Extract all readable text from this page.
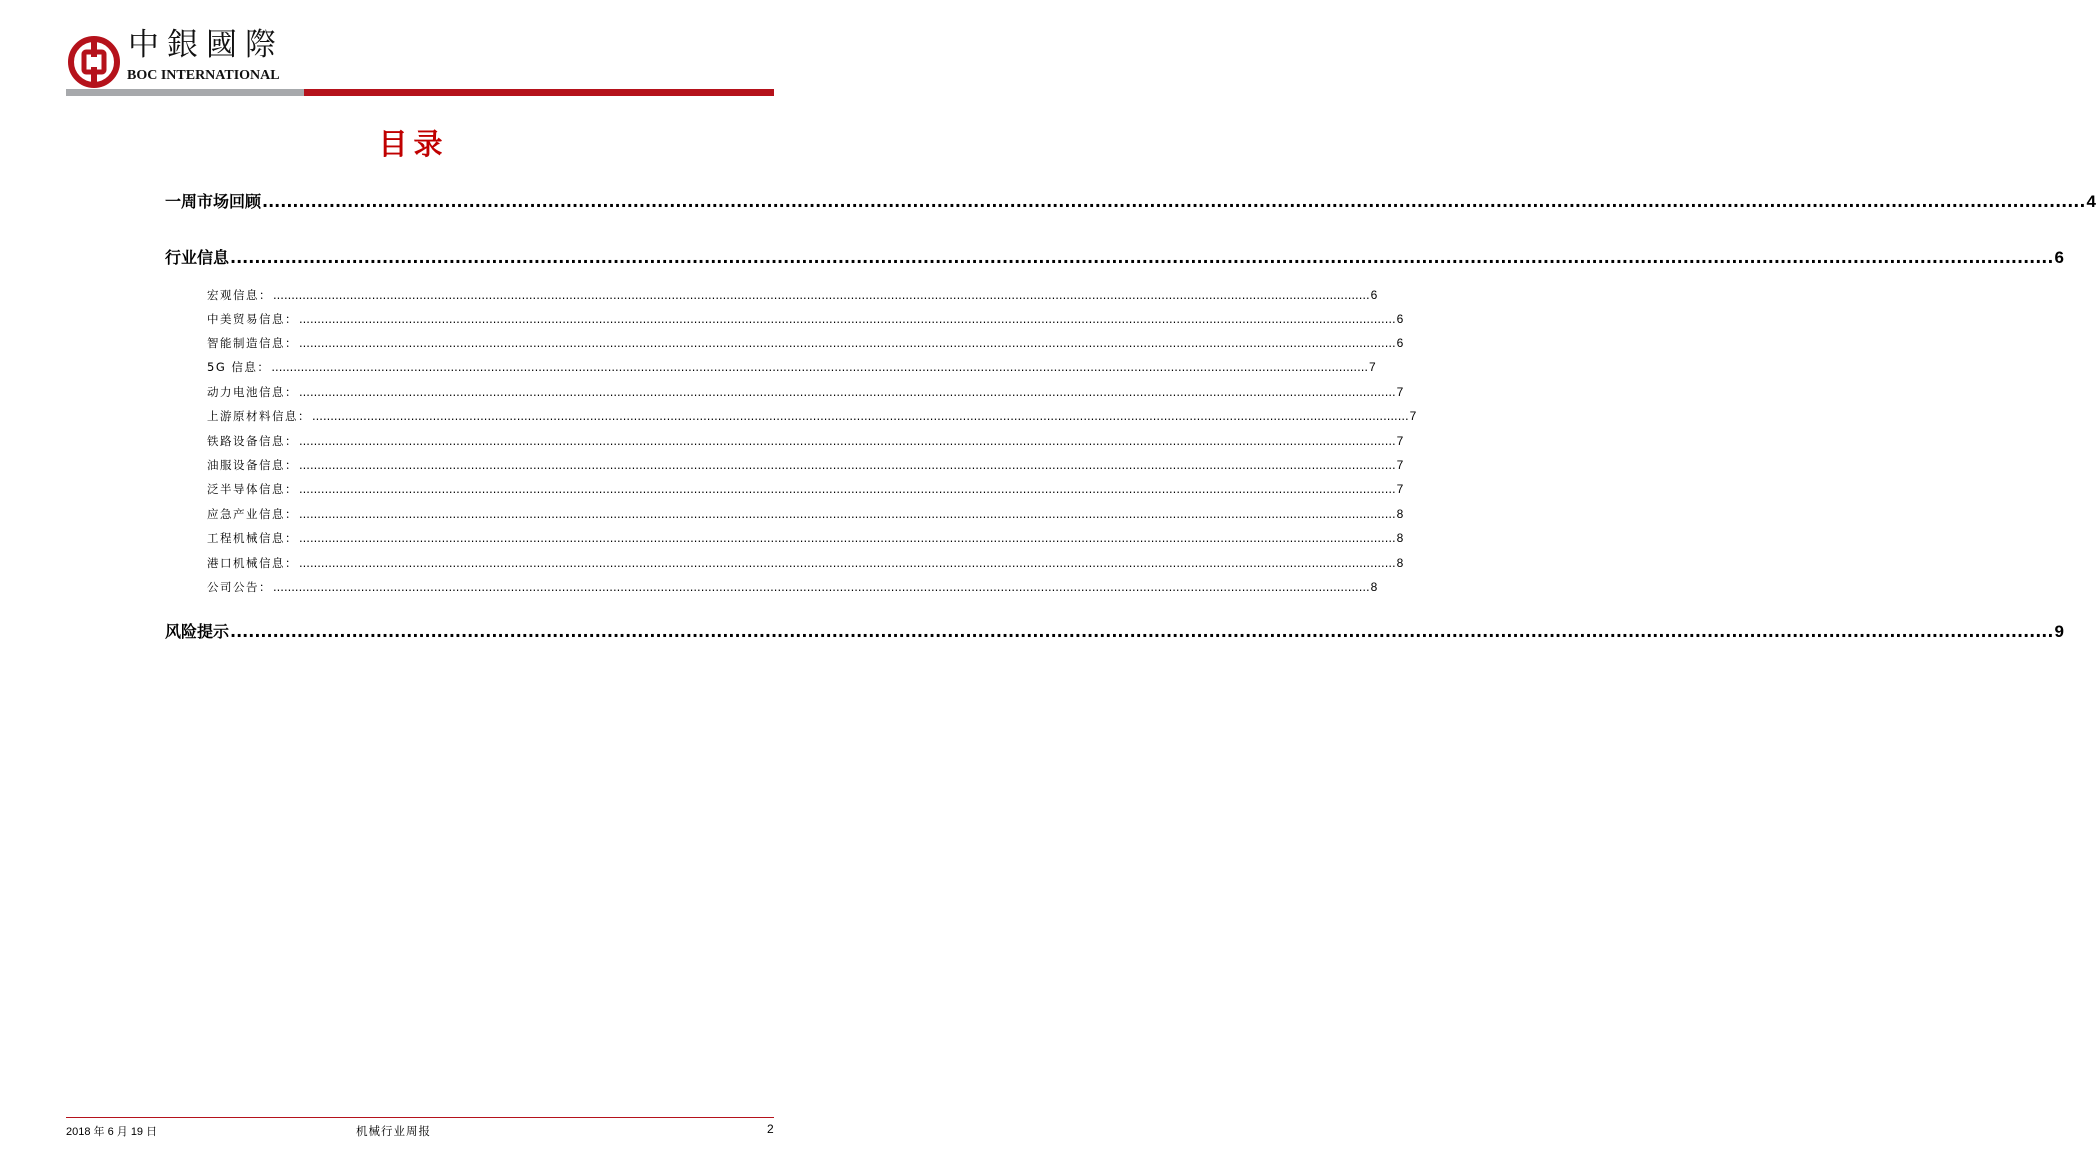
中銀國際
BOC INTERNATIONAL
目录
一周市场回顾 ............................................................................................................................................................................................................................................................................................................ 4
行业信息 ............................................................................................................................................................................................................................................................................................................ 6
宏观信息： ............................................................................................................................................................................................................................................................................................................ 6
中美贸易信息： ............................................................................................................................................................................................................................................................................................................ 6
智能制造信息： ............................................................................................................................................................................................................................................................................................................ 6
5G 信息： ............................................................................................................................................................................................................................................................................................................ 7
动力电池信息： ............................................................................................................................................................................................................................................................................................................ 7
上游原材料信息： ............................................................................................................................................................................................................................................................................................................ 7
铁路设备信息： ............................................................................................................................................................................................................................................................................................................ 7
油服设备信息： ............................................................................................................................................................................................................................................................................................................ 7
泛半导体信息： ............................................................................................................................................................................................................................................................................................................ 7
应急产业信息： ............................................................................................................................................................................................................................................................................................................ 8
工程机械信息： ............................................................................................................................................................................................................................................................................................................ 8
港口机械信息： ............................................................................................................................................................................................................................................................................................................ 8
公司公告： ............................................................................................................................................................................................................................................................................................................ 8
风险提示 ............................................................................................................................................................................................................................................................................................................ 9
2018 年 6 月 19 日	机械行业周报	2
